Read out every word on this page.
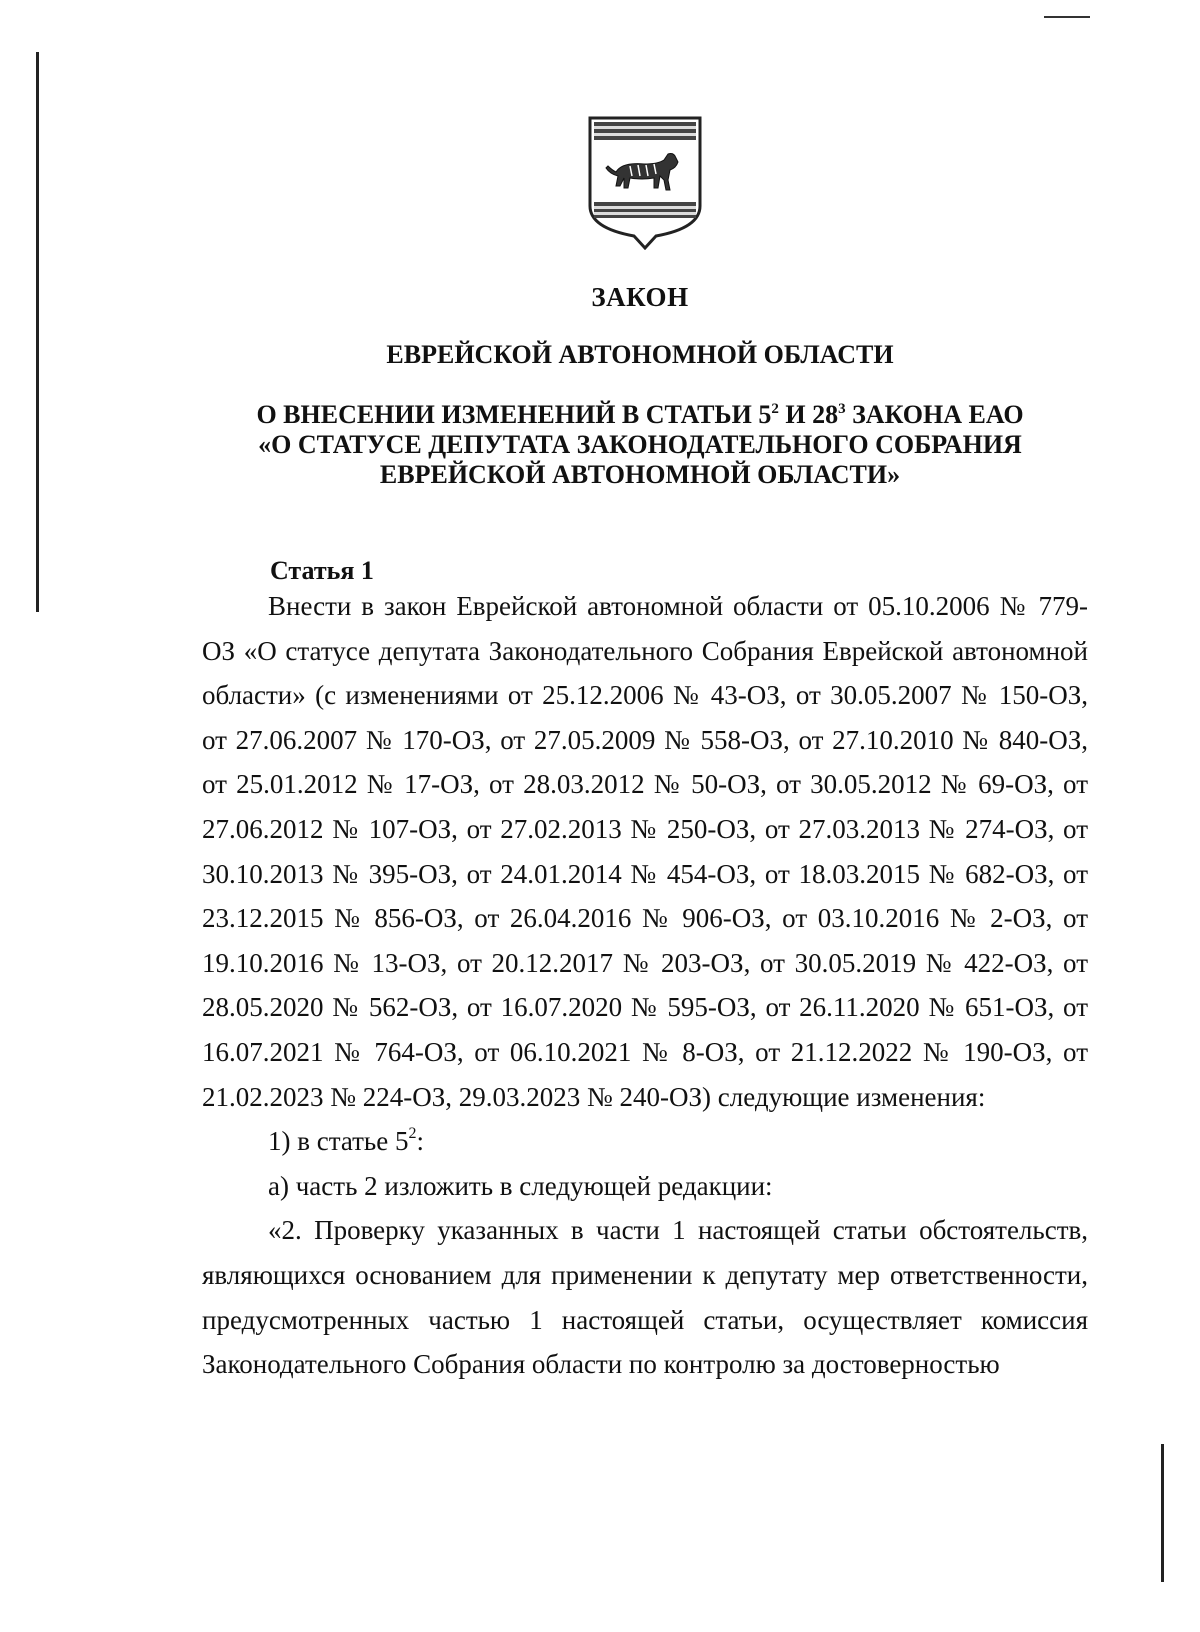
ЗАКОН
ЕВРЕЙСКОЙ АВТОНОМНОЙ ОБЛАСТИ
О ВНЕСЕНИИ ИЗМЕНЕНИЙ В СТАТЬИ $5^2$ И $28^3$ ЗАКОНА ЕАО
«О СТАТУСЕ ДЕПУТАТА ЗАКОНОДАТЕЛЬНОГО СОБРАНИЯ
ЕВРЕЙСКОЙ АВТОНОМНОЙ ОБЛАСТИ»
Статья 1

Внести в закон Еврейской автономной области от 05.10.2006 № 779-ОЗ «О статусе депутата Законодательного Собрания Еврейской автономной области» (с изменениями от 25.12.2006 № 43-ОЗ, от 30.05.2007 № 150-ОЗ, от 27.06.2007 № 170-ОЗ, от 27.05.2009 № 558-ОЗ, от 27.10.2010 № 840-ОЗ, от 25.01.2012 № 17-ОЗ, от 28.03.2012 № 50-ОЗ, от 30.05.2012 № 69-ОЗ, от 27.06.2012 № 107-ОЗ, от 27.02.2013 № 250-ОЗ, от 27.03.2013 № 274-ОЗ, от 30.10.2013 № 395-ОЗ, от 24.01.2014 № 454-ОЗ, от 18.03.2015 № 682-ОЗ, от 23.12.2015 № 856-ОЗ, от 26.04.2016 № 906-ОЗ, от 03.10.2016 № 2-ОЗ, от 19.10.2016 № 13-ОЗ, от 20.12.2017 № 203-ОЗ, от 30.05.2019 № 422-ОЗ, от 28.05.2020 № 562-ОЗ, от 16.07.2020 № 595-ОЗ, от 26.11.2020 № 651-ОЗ, от 16.07.2021 № 764-ОЗ, от 06.10.2021 № 8-ОЗ, от 21.12.2022 № 190-ОЗ, от 21.02.2023 № 224-ОЗ, 29.03.2023 № 240-ОЗ) следующие изменения:

1) в статье $5^2$:

а) часть 2 изложить в следующей редакции:

«2. Проверку указанных в части 1 настоящей статьи обстоятельств, являющихся основанием для применении к депутату мер ответственности, предусмотренных частью 1 настоящей статьи, осуществляет комиссия Законодательного Собрания области по контролю за достоверностью
